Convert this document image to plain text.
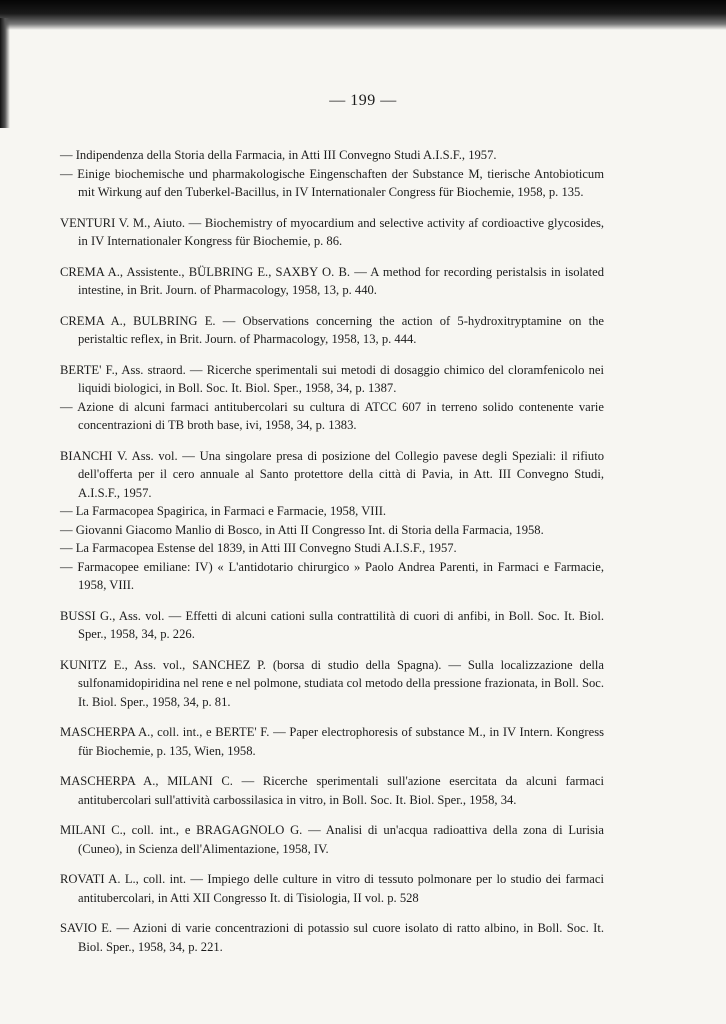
— 199 —

— Indipendenza della Storia della Farmacia, in Atti III Convegno Studi A.I.S.F., 1957.

— Einige biochemische und pharmakologische Eingenschaften der Substance M, tierische Antobioticum mit Wirkung auf den Tuberkel-Bacillus, in IV Internationaler Congress für Biochemie, 1958, p. 135.

VENTURI V. M., Aiuto. — Biochemistry of myocardium and selective activity af cordioactive glycosides, in IV Internationaler Kongress für Biochemie, p. 86.

CREMA A., Assistente., BÜLBRING E., SAXBY O. B. — A method for recording peristalsis in isolated intestine, in Brit. Journ. of Pharmacology, 1958, 13, p. 440.

CREMA A., BULBRING E. — Observations concerning the action of 5-hydroxitryptamine on the peristaltic reflex, in Brit. Journ. of Pharmacology, 1958, 13, p. 444.

BERTE' F., Ass. straord. — Ricerche sperimentali sui metodi di dosaggio chimico del cloramfenicolo nei liquidi biologici, in Boll. Soc. It. Biol. Sper., 1958, 34, p. 1387.

— Azione di alcuni farmaci antitubercolari su cultura di ATCC 607 in terreno solido contenente varie concentrazioni di TB broth base, ivi, 1958, 34, p. 1383.

BIANCHI V. Ass. vol. — Una singolare presa di posizione del Collegio pavese degli Speziali: il rifiuto dell'offerta per il cero annuale al Santo protettore della città di Pavia, in Att. III Convegno Studi, A.I.S.F., 1957.

— La Farmacopea Spagirica, in Farmaci e Farmacie, 1958, VIII.

— Giovanni Giacomo Manlio di Bosco, in Atti II Congresso Int. di Storia della Farmacia, 1958.

— La Farmacopea Estense del 1839, in Atti III Convegno Studi A.I.S.F., 1957.

— Farmacopee emiliane: IV) « L'antidotario chirurgico » Paolo Andrea Parenti, in Farmaci e Farmacie, 1958, VIII.

BUSSI G., Ass. vol. — Effetti di alcuni cationi sulla contrattilità di cuori di anfibi, in Boll. Soc. It. Biol. Sper., 1958, 34, p. 226.

KUNITZ E., Ass. vol., SANCHEZ P. (borsa di studio della Spagna). — Sulla localizzazione della sulfonamidopiridina nel rene e nel polmone, studiata col metodo della pressione frazionata, in Boll. Soc. It. Biol. Sper., 1958, 34, p. 81.

MASCHERPA A., coll. int., e BERTE' F. — Paper electrophoresis of substance M., in IV Intern. Kongress für Biochemie, p. 135, Wien, 1958.

MASCHERPA A., MILANI C. — Ricerche sperimentali sull'azione esercitata da alcuni farmaci antitubercolari sull'attività carbossilasica in vitro, in Boll. Soc. It. Biol. Sper., 1958, 34.

MILANI C., coll. int., e BRAGAGNOLO G. — Analisi di un'acqua radioattiva della zona di Lurisia (Cuneo), in Scienza dell'Alimentazione, 1958, IV.

ROVATI A. L., coll. int. — Impiego delle culture in vitro di tessuto polmonare per lo studio dei farmaci antitubercolari, in Atti XII Congresso It. di Tisiologia, II vol. p. 528

SAVIO E. — Azioni di varie concentrazioni di potassio sul cuore isolato di ratto albino, in Boll. Soc. It. Biol. Sper., 1958, 34, p. 221.
